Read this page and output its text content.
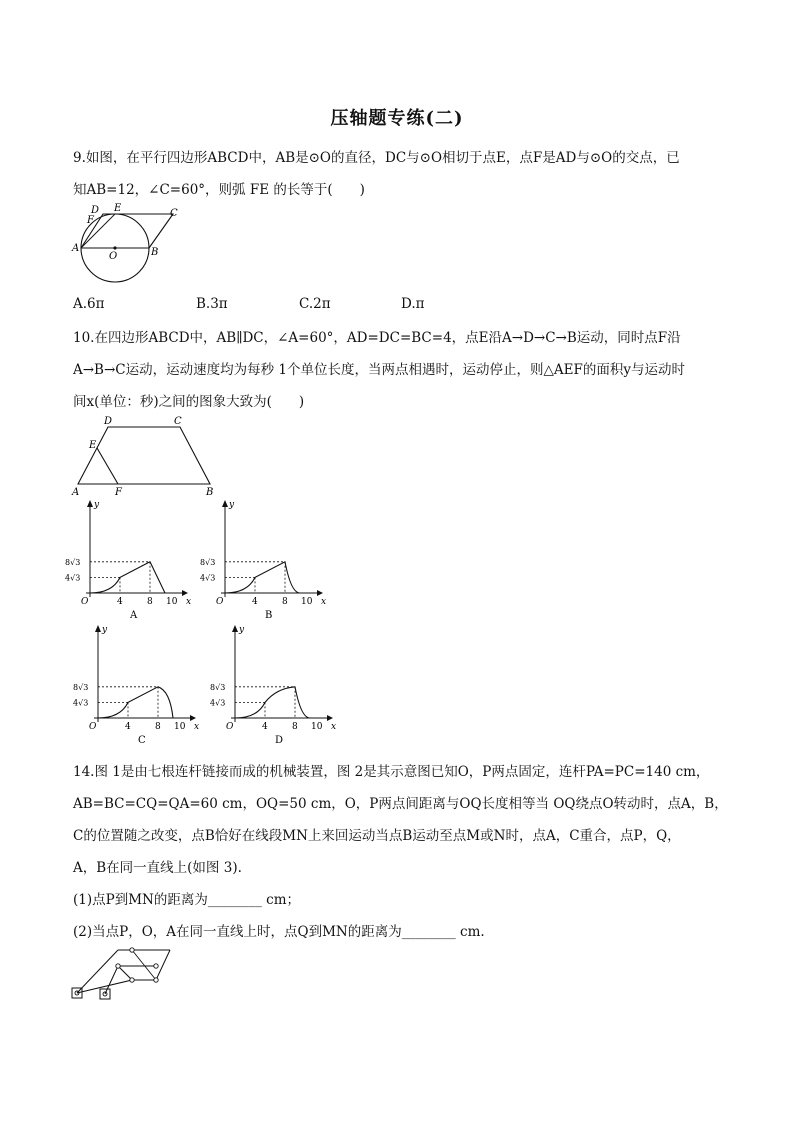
压轴题专练(二)
9.如图，在平行四边形ABCD中，AB是⊙O的直径，DC与⊙O相切于点E，点F是AD与⊙O的交点，已
知AB=12，∠C=60°，则弧 FE 的长等于(　　)
D E
F
C
A	B
O
A.6π	B.3π	C.2π	D.π
10.在四边形ABCD中，AB∥DC，∠A=60°，AD=DC=BC=4，点E沿A→D→C→B运动，同时点F沿
A→B→C运动，运动速度均为每秒 1个单位长度，当两点相遇时，运动停止，则△AEF的面积y与运动时
间x(单位：秒)之间的图象大致为(　　)
D	C
E
A	F	B
O
y
x
4	8 10
4√3
8√3
A
O
y
x
4	8 10
4√3
8√3
B
O
y
x
4	8 10
4√3
8√3
C
O
y
x
4	8 10
4√3
8√3
D
14.图 1是由七根连杆链接而成的机械装置，图 2是其示意图已知O，P两点固定，连杆PA=PC=140 cm，
AB=BC=CQ=QA=60 cm，OQ=50 cm，O，P两点间距离与OQ长度相等当 OQ绕点O转动时，点A，B，
C的位置随之改变，点B恰好在线段MN上来回运动当点B运动至点M或N时，点A，C重合，点P，Q，
A，B在同一直线上(如图 3).
(1)点P到MN的距离为________ cm；
(2)当点P，O，A在同一直线上时，点Q到MN的距离为________ cm.
